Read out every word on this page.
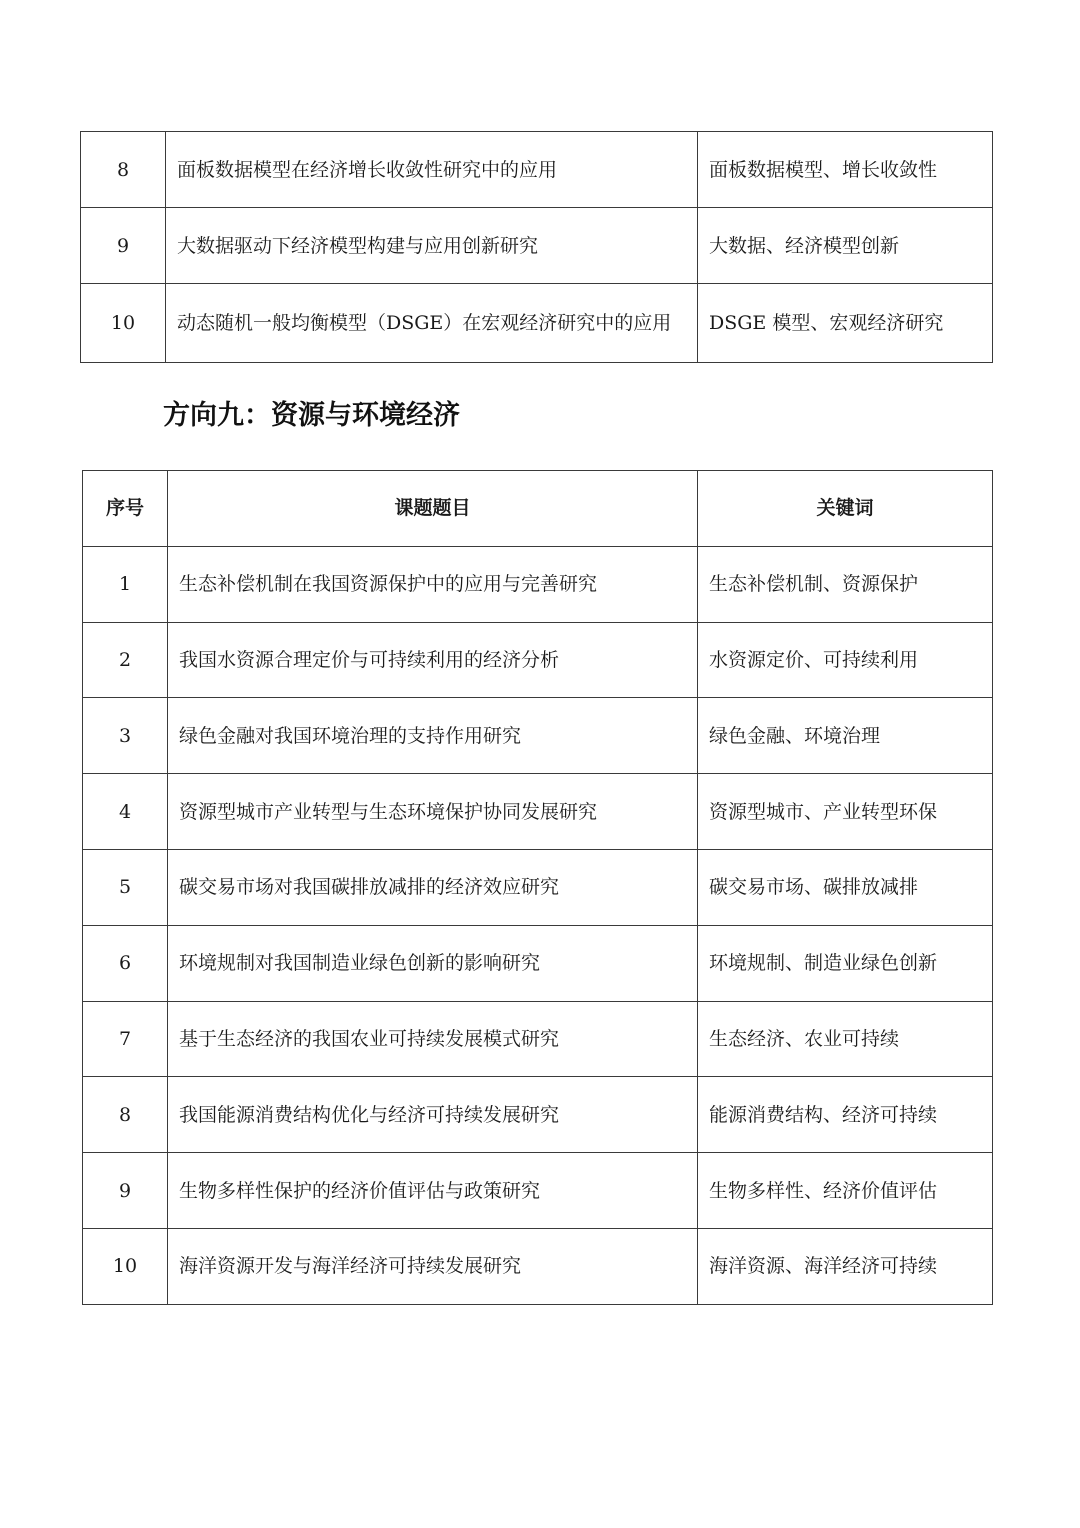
8	面板数据模型在经济增长收敛性研究中的应用	面板数据模型、增长收敛性
9	大数据驱动下经济模型构建与应用创新研究	大数据、经济模型创新
10	动态随机一般均衡模型（DSGE）在宏观经济研究中的应用	DSGE 模型、宏观经济研究
方向九：资源与环境经济
序号	课题题目	关键词
1	生态补偿机制在我国资源保护中的应用与完善研究	生态补偿机制、资源保护
2	我国水资源合理定价与可持续利用的经济分析	水资源定价、可持续利用
3	绿色金融对我国环境治理的支持作用研究	绿色金融、环境治理
4	资源型城市产业转型与生态环境保护协同发展研究	资源型城市、产业转型环保
5	碳交易市场对我国碳排放减排的经济效应研究	碳交易市场、碳排放减排
6	环境规制对我国制造业绿色创新的影响研究	环境规制、制造业绿色创新
7	基于生态经济的我国农业可持续发展模式研究	生态经济、农业可持续
8	我国能源消费结构优化与经济可持续发展研究	能源消费结构、经济可持续
9	生物多样性保护的经济价值评估与政策研究	生物多样性、经济价值评估
10	海洋资源开发与海洋经济可持续发展研究	海洋资源、海洋经济可持续
